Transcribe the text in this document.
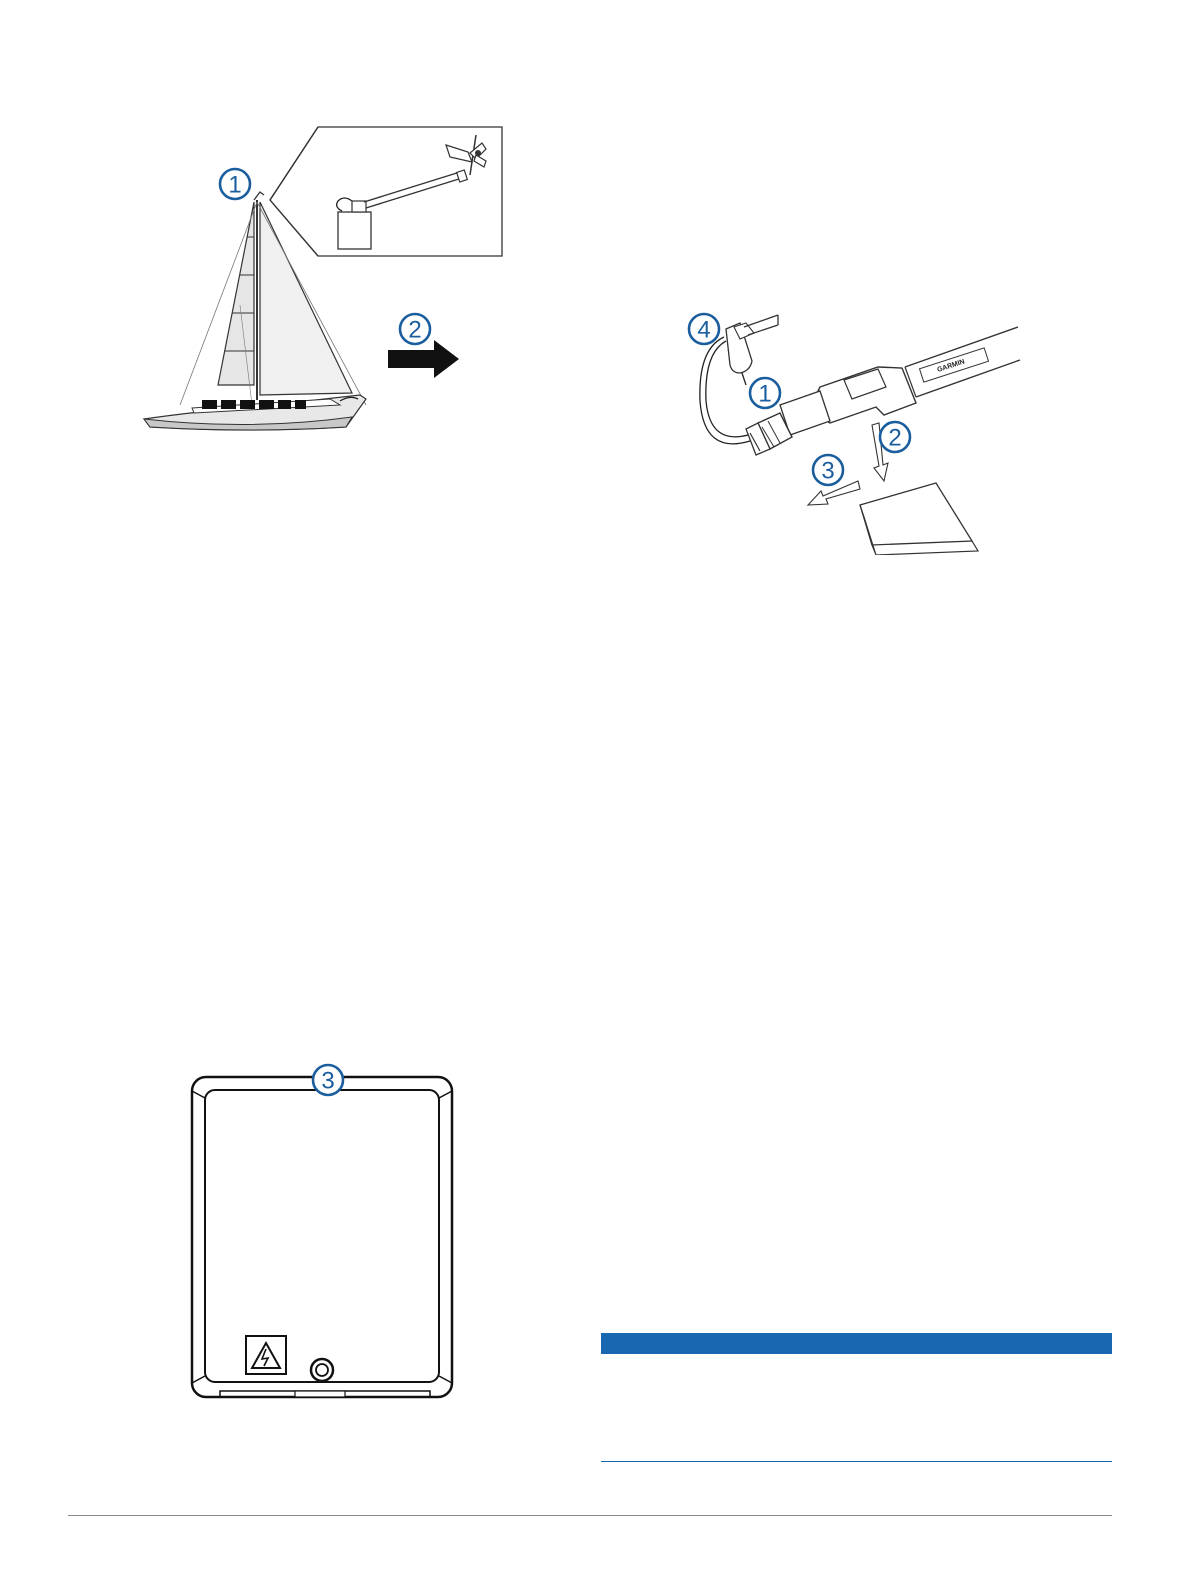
1
2
GARMIN
4
1
2
3
3
